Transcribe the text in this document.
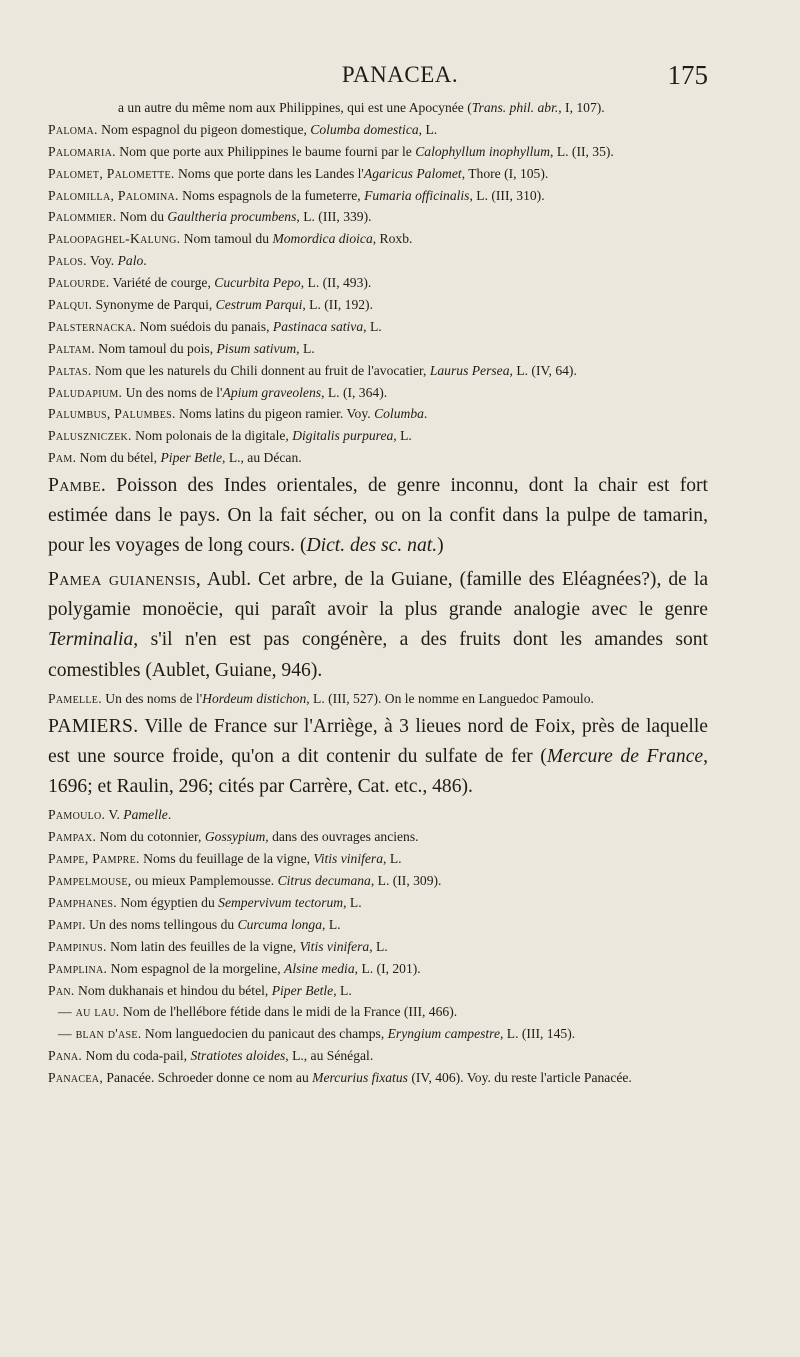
PANACEA.	175

a un autre du même nom aux Philippines, qui est une Apocynée (Trans. phil. abr., I, 107).

Paloma. Nom espagnol du pigeon domestique, Columba domestica, L.

Palomaria. Nom que porte aux Philippines le baume fourni par le Calophyllum inophyllum, L. (II, 35).

Palomet, Palomette. Noms que porte dans les Landes l'Agaricus Palomet, Thore (I, 105).

Palomilla, Palomina. Noms espagnols de la fumeterre, Fumaria officinalis, L. (III, 310).

Palommier. Nom du Gaultheria procumbens, L. (III, 339).

Paloopaghel-Kalung. Nom tamoul du Momordica dioica, Roxb.

Palos. Voy. Palo.

Palourde. Variété de courge, Cucurbita Pepo, L. (II, 493).

Palqui. Synonyme de Parqui, Cestrum Parqui, L. (II, 192).

Palsternacka. Nom suédois du panais, Pastinaca sativa, L.

Paltam. Nom tamoul du pois, Pisum sativum, L.

Paltas. Nom que les naturels du Chili donnent au fruit de l'avocatier, Laurus Persea, L. (IV, 64).

Paludapium. Un des noms de l'Apium graveolens, L. (I, 364).

Palumbus, Palumbes. Noms latins du pigeon ramier. Voy. Columba.

Paluszniczek. Nom polonais de la digitale, Digitalis purpurea, L.

Pam. Nom du bétel, Piper Betle, L., au Décan.

Pambe. Poisson des Indes orientales, de genre inconnu, dont la chair est fort estimée dans le pays. On la fait sécher, ou on la confit dans la pulpe de tamarin, pour les voyages de long cours. (Dict. des sc. nat.)

Pamea guianensis, Aubl. Cet arbre, de la Guiane, (famille des Eléagnées?), de la polygamie monoëcie, qui paraît avoir la plus grande analogie avec le genre Terminalia, s'il n'en est pas congénère, a des fruits dont les amandes sont comestibles (Aublet, Guiane, 946).

Pamelle. Un des noms de l'Hordeum distichon, L. (III, 527). On le nomme en Languedoc Pamoulo.

PAMIERS. Ville de France sur l'Arriège, à 3 lieues nord de Foix, près de laquelle est une source froide, qu'on a dit contenir du sulfate de fer (Mercure de France, 1696; et Raulin, 296; cités par Carrère, Cat. etc., 486).

Pamoulo. V. Pamelle.

Pampax. Nom du cotonnier, Gossypium, dans des ouvrages anciens.

Pampe, Pampre. Noms du feuillage de la vigne, Vitis vinifera, L.

Pampelmouse, ou mieux Pamplemousse. Citrus decumana, L. (II, 309).

Pamphanes. Nom égyptien du Sempervivum tectorum, L.

Pampi. Un des noms tellingous du Curcuma longa, L.

Pampinus. Nom latin des feuilles de la vigne, Vitis vinifera, L.

Pamplina. Nom espagnol de la morgeline, Alsine media, L. (I, 201).

Pan. Nom dukhanais et hindou du bétel, Piper Betle, L.

— au lau. Nom de l'hellébore fétide dans le midi de la France (III, 466).

— blan d'ase. Nom languedocien du panicaut des champs, Eryngium campestre, L. (III, 145).

Pana. Nom du coda-pail, Stratiotes aloides, L., au Sénégal.

Panacea, Panacée. Schroeder donne ce nom au Mercurius fixatus (IV, 406). Voy. du reste l'article Panacée.
